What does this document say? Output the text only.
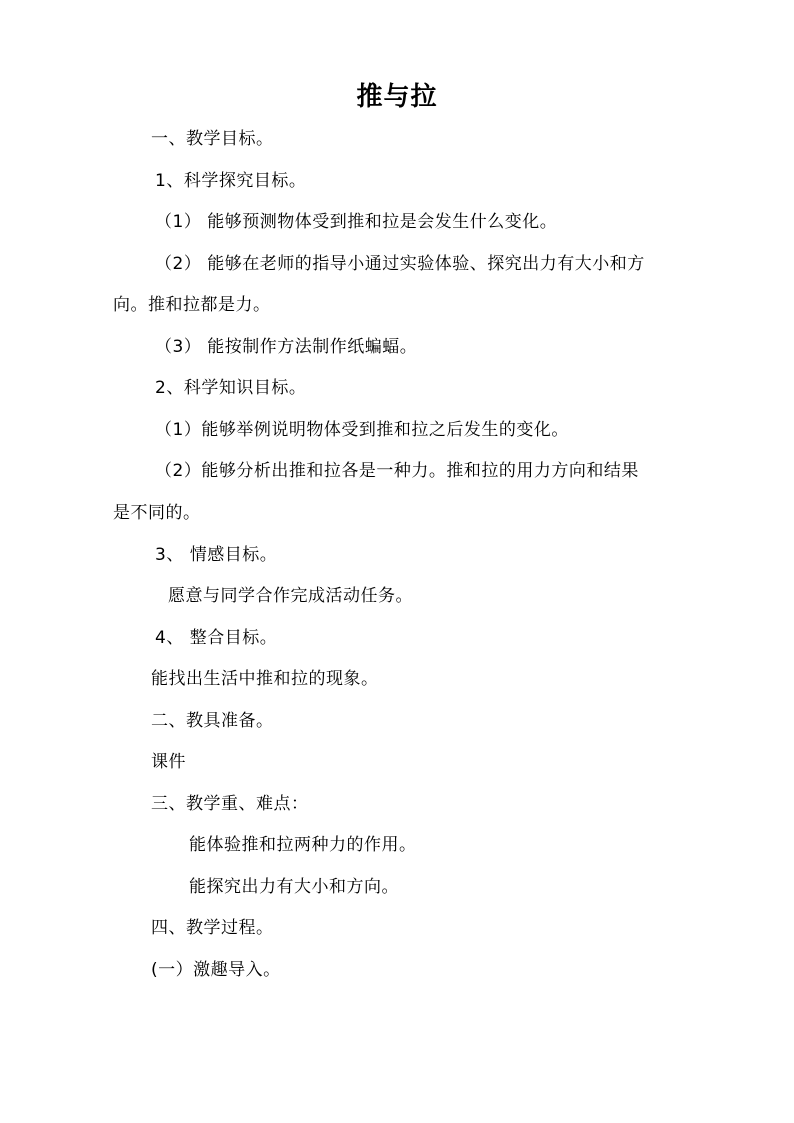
推与拉
一、教学目标。
1、科学探究目标。
（1） 能够预测物体受到推和拉是会发生什么变化。
（2） 能够在老师的指导小通过实验体验、探究出力有大小和方
向。推和拉都是力。
（3） 能按制作方法制作纸蝙蝠。
2、科学知识目标。
（1）能够举例说明物体受到推和拉之后发生的变化。
（2）能够分析出推和拉各是一种力。推和拉的用力方向和结果
是不同的。
3、 情感目标。
愿意与同学合作完成活动任务。
4、 整合目标。
能找出生活中推和拉的现象。
二、教具准备。
课件
三、教学重、难点：
能体验推和拉两种力的作用。
能探究出力有大小和方向。
四、教学过程。
(一）激趣导入。
